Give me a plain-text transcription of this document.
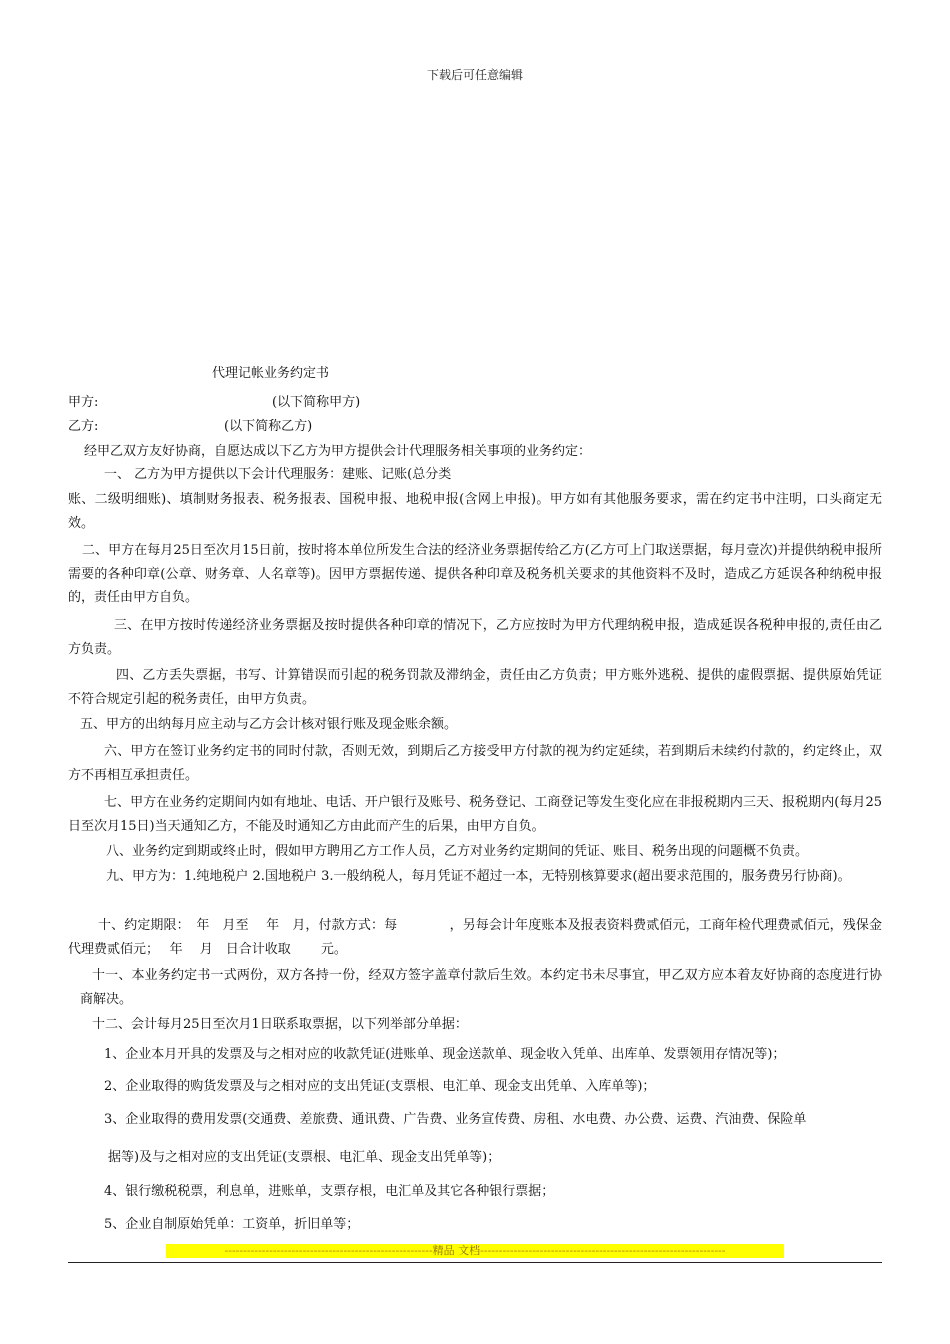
下载后可任意编辑
代理记帐业务约定书
甲方:	(以下简称甲方)
乙方:	(以下简称乙方)
经甲乙双方友好协商，自愿达成以下乙方为甲方提供会计代理服务相关事项的业务约定：
一、 乙方为甲方提供以下会计代理服务：建账、记账(总分类
账、二级明细账)、填制财务报表、税务报表、国税申报、地税申报(含网上申报)。甲方如有其他服务要求，需在约定书中注明，口头商定无效。
二、甲方在每月25日至次月15日前，按时将本单位所发生合法的经济业务票据传给乙方(乙方可上门取送票据，每月壹次)并提供纳税申报所需要的各种印章(公章、财务章、人名章等)。因甲方票据传递、提供各种印章及税务机关要求的其他资料不及时，造成乙方延误各种纳税申报的，责任由甲方自负。
三、在甲方按时传递经济业务票据及按时提供各种印章的情况下，乙方应按时为甲方代理纳税申报，造成延误各税种申报的,责任由乙方负责。
四、乙方丢失票据，书写、计算错误而引起的税务罚款及滞纳金，责任由乙方负责；甲方账外逃税、提供的虚假票据、提供原始凭证不符合规定引起的税务责任，由甲方负责。
五、甲方的出纳每月应主动与乙方会计核对银行账及现金账余额。
六、甲方在签订业务约定书的同时付款，否则无效，到期后乙方接受甲方付款的视为约定延续，若到期后未续约付款的，约定终止，双方不再相互承担责任。
七、甲方在业务约定期间内如有地址、电话、开户银行及账号、税务登记、工商登记等发生变化应在非报税期内三天、报税期内(每月25日至次月15日)当天通知乙方，不能及时通知乙方由此而产生的后果，由甲方自负。
八、业务约定到期或终止时，假如甲方聘用乙方工作人员，乙方对业务约定期间的凭证、账目、税务出现的问题概不负责。
九、甲方为：1.纯地税户 2.国地税户 3.一般纳税人，每月凭证不超过一本，无特别核算要求(超出要求范围的，服务费另行协商)。
十、约定期限：　年　月至　 年　月，付款方式：每　　　　，另每会计年度账本及报表资料费贰佰元，工商年检代理费贰佰元，残保金代理费贰佰元；　 年　 月　日合计收取　　 元。
十一、本业务约定书一式两份，双方各持一份，经双方签字盖章付款后生效。本约定书未尽事宜，甲乙双方应本着友好协商的态度进行协商解决。
十二、会计每月25日至次月1日联系取票据，以下列举部分单据：
1、企业本月开具的发票及与之相对应的收款凭证(进账单、现金送款单、现金收入凭单、出库单、发票领用存情况等)；
2、企业取得的购货发票及与之相对应的支出凭证(支票根、电汇单、现金支出凭单、入库单等)；
3、企业取得的费用发票(交通费、差旅费、通讯费、广告费、业务宣传费、房租、水电费、办公费、运费、汽油费、保险单
据等)及与之相对应的支出凭证(支票根、电汇单、现金支出凭单等)；
4、银行缴税税票，利息单，进账单，支票存根，电汇单及其它各种银行票据；
5、企业自制原始凭单：工资单，折旧单等；
--------------------------------------------------------精品 文档------------------------------------------------------------------
